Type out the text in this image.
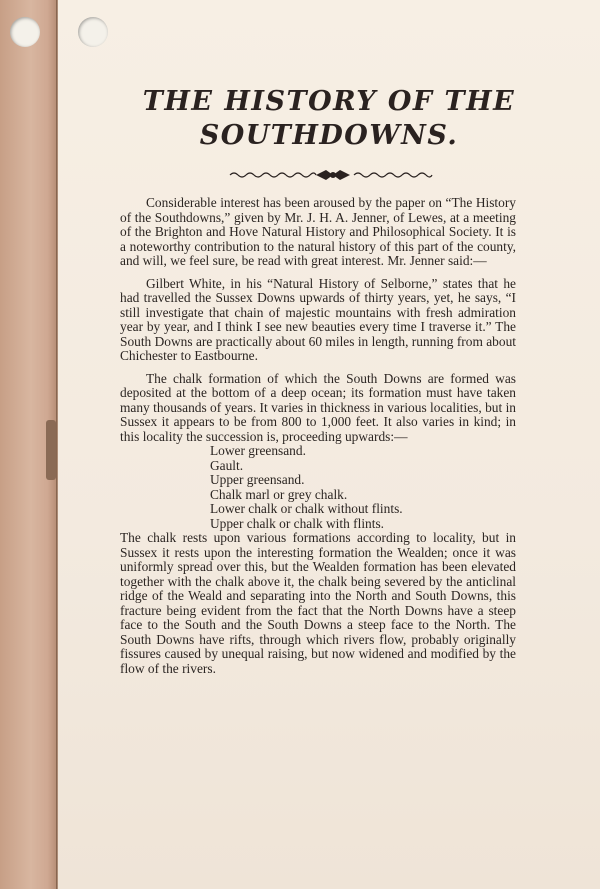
THE HISTORY OF THE
SOUTHDOWNS.

Considerable interest has been aroused by the paper on “The History of the Southdowns,” given by Mr. J. H. A. Jenner, of Lewes, at a meeting of the Brighton and Hove Natural History and Philosophical Society. It is a noteworthy contribution to the natural history of this part of the county, and will, we feel sure, be read with great interest. Mr. Jenner said:—

Gilbert White, in his “Natural History of Selborne,” states that he had travelled the Sussex Downs upwards of thirty years, yet, he says, “I still investigate that chain of majestic mountains with fresh admiration year by year, and I think I see new beauties every time I traverse it.” The South Downs are practically about 60 miles in length, running from about Chichester to Eastbourne.

The chalk formation of which the South Downs are formed was deposited at the bottom of a deep ocean; its formation must have taken many thousands of years. It varies in thickness in various localities, but in Sussex it appears to be from 800 to 1,000 feet. It also varies in kind; in this locality the succession is, proceeding upwards:—

Lower greensand.
Gault.
Upper greensand.
Chalk marl or grey chalk.
Lower chalk or chalk without flints.
Upper chalk or chalk with flints.

The chalk rests upon various formations according to locality, but in Sussex it rests upon the interesting formation the Wealden; once it was uniformly spread over this, but the Wealden formation has been elevated together with the chalk above it, the chalk being severed by the anticlinal ridge of the Weald and separating into the North and South Downs, this fracture being evident from the fact that the North Downs have a steep face to the South and the South Downs a steep face to the North. The South Downs have rifts, through which rivers flow, probably originally fissures caused by unequal raising, but now widened and modified by the flow of the rivers.
